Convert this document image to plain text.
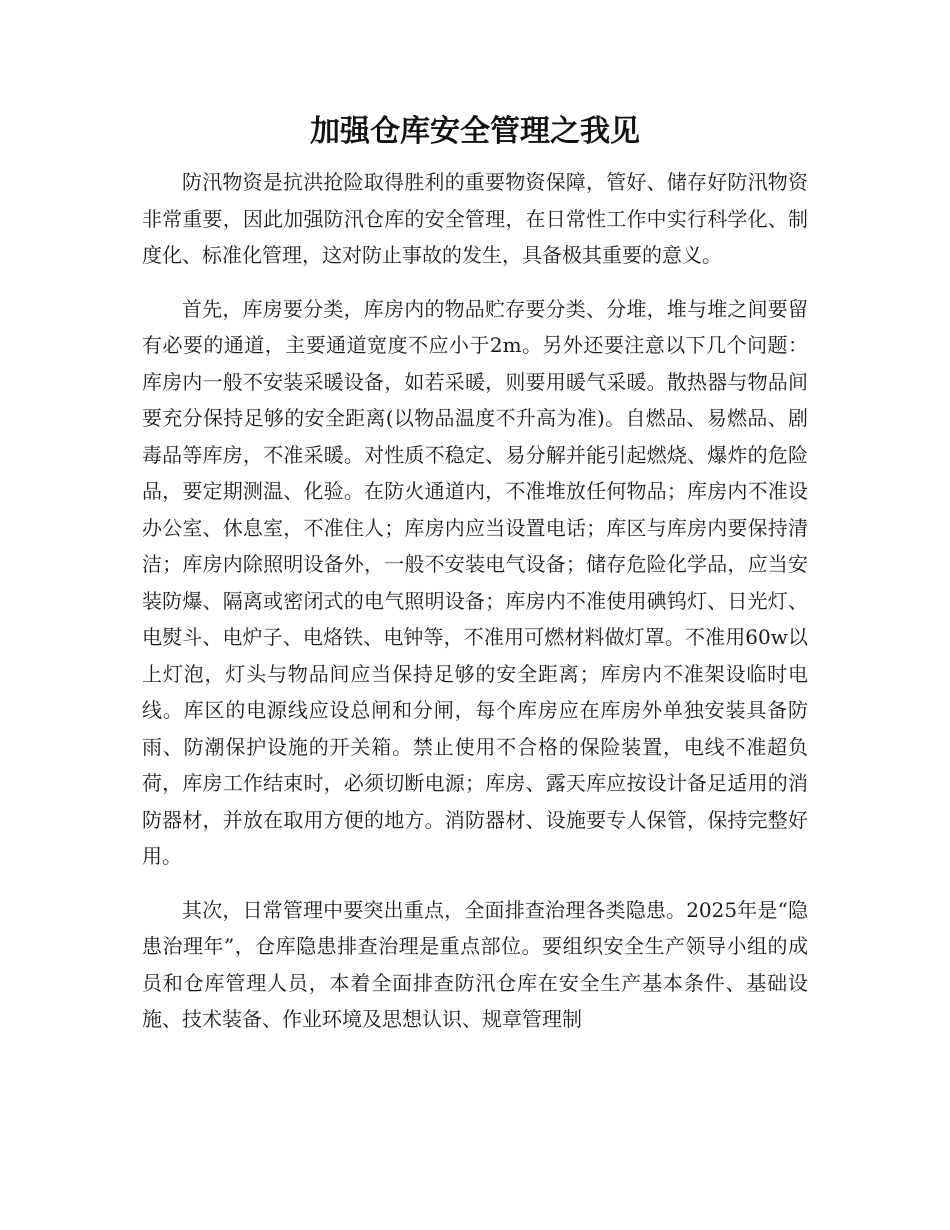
加强仓库安全管理之我见

防汛物资是抗洪抢险取得胜利的重要物资保障，管好、储存好防汛物资非常重要，因此加强防汛仓库的安全管理，在日常性工作中实行科学化、制度化、标准化管理，这对防止事故的发生，具备极其重要的意义。

首先，库房要分类，库房内的物品贮存要分类、分堆，堆与堆之间要留有必要的通道，主要通道宽度不应小于2m。另外还要注意以下几个问题：库房内一般不安装采暖设备，如若采暖，则要用暖气采暖。散热器与物品间要充分保持足够的安全距离(以物品温度不升高为准)。自燃品、易燃品、剧毒品等库房，不准采暖。对性质不稳定、易分解并能引起燃烧、爆炸的危险品，要定期测温、化验。在防火通道内，不准堆放任何物品；库房内不准设办公室、休息室，不准住人；库房内应当设置电话；库区与库房内要保持清洁；库房内除照明设备外，一般不安装电气设备；储存危险化学品，应当安装防爆、隔离或密闭式的电气照明设备；库房内不准使用碘钨灯、日光灯、电熨斗、电炉子、电烙铁、电钟等，不准用可燃材料做灯罩。不准用60w以上灯泡，灯头与物品间应当保持足够的安全距离；库房内不准架设临时电线。库区的电源线应设总闸和分闸，每个库房应在库房外单独安装具备防雨、防潮保护设施的开关箱。禁止使用不合格的保险装置，电线不准超负荷，库房工作结束时，必须切断电源；库房、露天库应按设计备足适用的消防器材，并放在取用方便的地方。消防器材、设施要专人保管，保持完整好用。

其次，日常管理中要突出重点，全面排查治理各类隐患。2025年是“隐患治理年”，仓库隐患排查治理是重点部位。要组织安全生产领导小组的成员和仓库管理人员，本着全面排查防汛仓库在安全生产基本条件、基础设施、技术装备、作业环境及思想认识、规章管理制
